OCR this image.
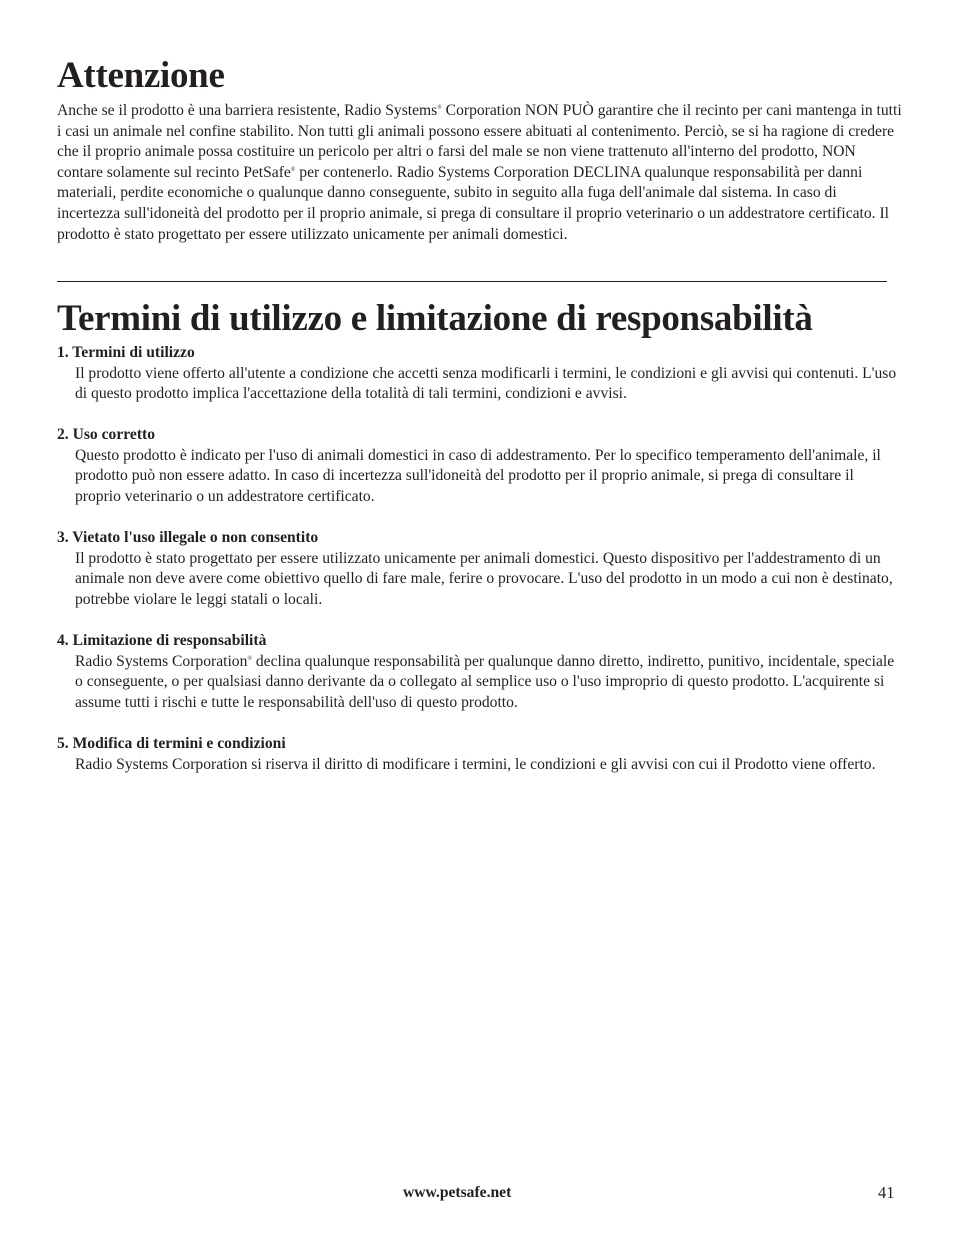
Attenzione

Anche se il prodotto è una barriera resistente, Radio Systems® Corporation NON PUÒ garantire che il recinto per cani mantenga in tutti i casi un animale nel confine stabilito. Non tutti gli animali possono essere abituati al contenimento. Perciò, se si ha ragione di credere che il proprio animale possa costituire un pericolo per altri o farsi del male se non viene trattenuto all'interno del prodotto, NON contare solamente sul recinto PetSafe® per contenerlo. Radio Systems Corporation DECLINA qualunque responsabilità per danni materiali, perdite economiche o qualunque danno conseguente, subito in seguito alla fuga dell'animale dal sistema. In caso di incertezza sull'idoneità del prodotto per il proprio animale, si prega di consultare il proprio veterinario o un addestratore certificato. Il prodotto è stato progettato per essere utilizzato unicamente per animali domestici.

Termini di utilizzo e limitazione di responsabilità
1. Termini di utilizzo
Il prodotto viene offerto all'utente a condizione che accetti senza modificarli i termini, le condizioni e gli avvisi qui contenuti. L'uso di questo prodotto implica l'accettazione della totalità di tali termini, condizioni e avvisi.
2. Uso corretto
Questo prodotto è indicato per l'uso di animali domestici in caso di addestramento. Per lo specifico temperamento dell'animale, il prodotto può non essere adatto. In caso di incertezza sull'idoneità del prodotto per il proprio animale, si prega di consultare il proprio veterinario o un addestratore certificato.
3. Vietato l'uso illegale o non consentito
Il prodotto è stato progettato per essere utilizzato unicamente per animali domestici. Questo dispositivo per l'addestramento di un animale non deve avere come obiettivo quello di fare male, ferire o provocare. L'uso del prodotto in un modo a cui non è destinato, potrebbe violare le leggi statali o locali.
4. Limitazione di responsabilità
Radio Systems Corporation® declina qualunque responsabilità per qualunque danno diretto, indiretto, punitivo, incidentale, speciale o conseguente, o per qualsiasi danno derivante da o collegato al semplice uso o l'uso improprio di questo prodotto. L'acquirente si assume tutti i rischi e tutte le responsabilità dell'uso di questo prodotto.
5. Modifica di termini e condizioni
Radio Systems Corporation si riserva il diritto di modificare i termini, le condizioni e gli avvisi con cui il Prodotto viene offerto.
www.petsafe.net	41
